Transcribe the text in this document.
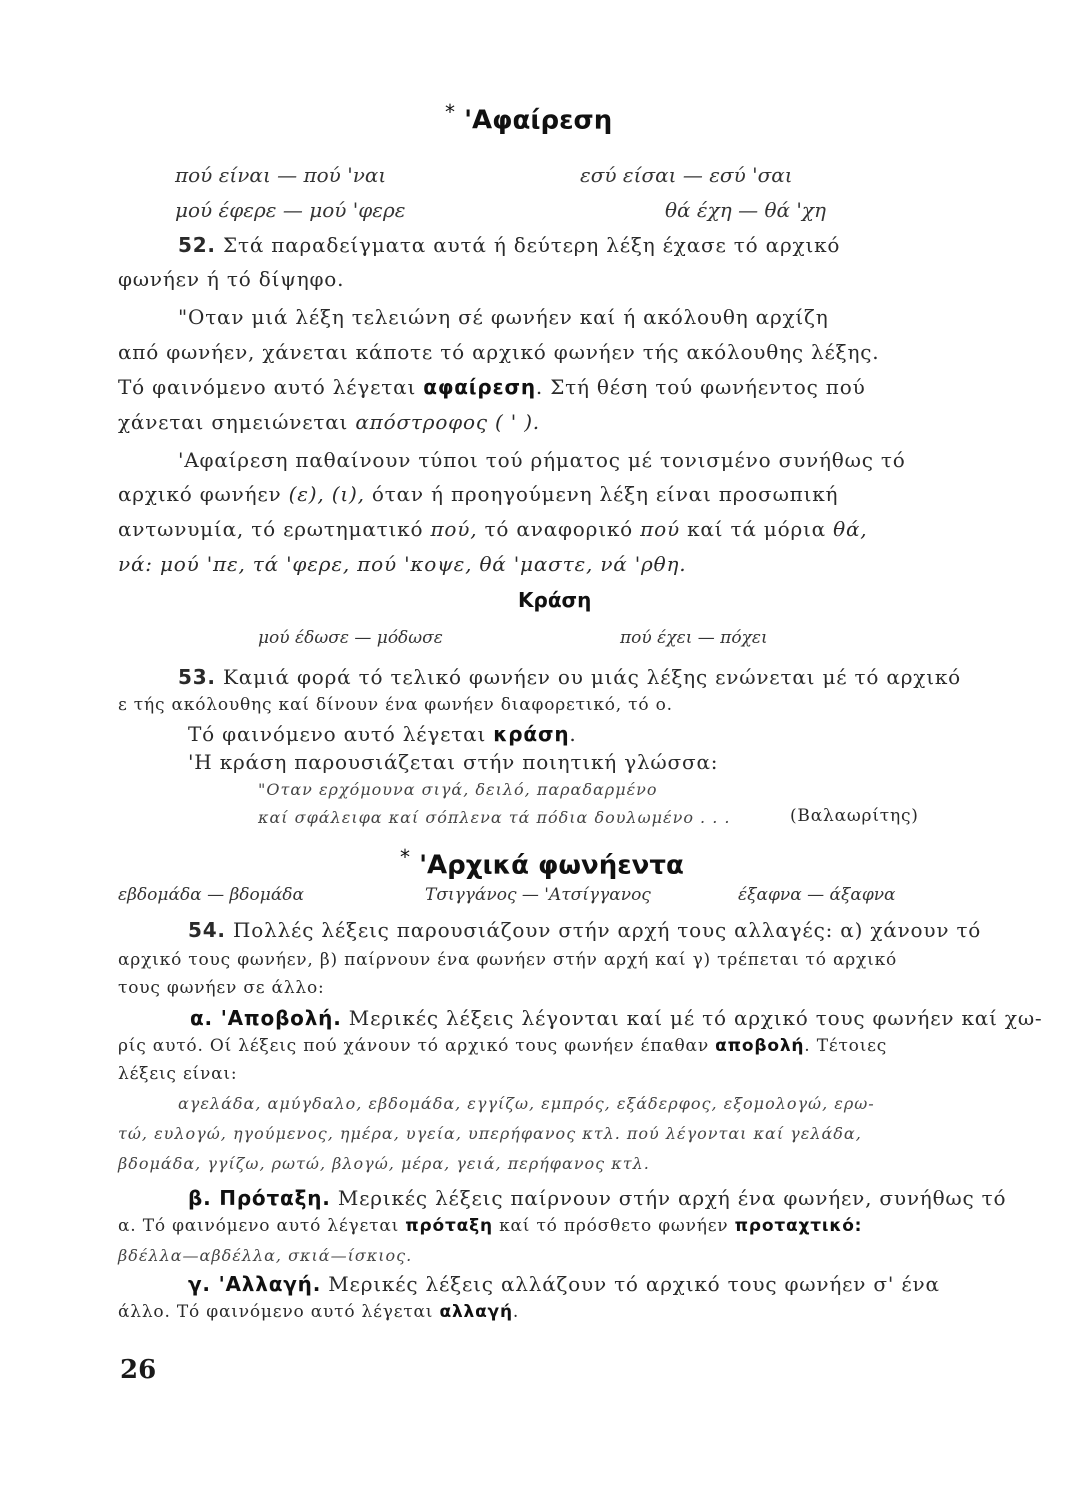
* 'Αφαίρεση
πού είναι — πού 'ναι	εσύ είσαι — εσύ 'σαι
μού έφερε — μού 'φερε	θά έχη — θά 'χη
52. Στά παραδείγματα αυτά ή δεύτερη λέξη έχασε τό αρχικό
φωνήεν ή τό δίψηφο.
"Οταν μιά λέξη τελειώνη σέ φωνήεν καί ή ακόλουθη αρχίζη
από φωνήεν, χάνεται κάποτε τό αρχικό φωνήεν τής ακόλουθης λέξης.
Τό φαινόμενο αυτό λέγεται αφαίρεση. Στή θέση τού φωνήεντος πού
χάνεται σημειώνεται απόστροφος ( ' ).
'Αφαίρεση παθαίνουν τύποι τού ρήματος μέ τονισμένο συνήθως τό
αρχικό φωνήεν (ε), (ι), όταν ή προηγούμενη λέξη είναι προσωπική
αντωνυμία, τό ερωτηματικό πού, τό αναφορικό πού καί τά μόρια θά,
νά: μού 'πε, τά 'φερε, πού 'κοψε, θά 'μαστε, νά 'ρθη.
Κράση
μού έδωσε — μόδωσε	πού έχει — πόχει
53. Καμιά φορά τό τελικό φωνήεν ου μιάς λέξης ενώνεται μέ τό αρχικό
ε τής ακόλουθης καί δίνουν ένα φωνήεν διαφορετικό, τό ο.
Τό φαινόμενο αυτό λέγεται κράση.
'Η κράση παρουσιάζεται στήν ποιητική γλώσσα:
"Οταν ερχόμουνα σιγά, δειλό, παραδαρμένο
καί σφάλειφα καί σόπλενα τά πόδια δουλωμένο . . .	(Βαλαωρίτης)
* 'Αρχικά φωνήεντα
εβδομάδα — βδομάδα	Τσιγγάνος — 'Ατσίγγανος	έξαφνα — άξαφνα
54. Πολλές λέξεις παρουσιάζουν στήν αρχή τους αλλαγές: α) χάνουν τό
αρχικό τους φωνήεν, β) παίρνουν ένα φωνήεν στήν αρχή καί γ) τρέπεται τό αρχικό
τους φωνήεν σε άλλο:
α. 'Αποβολή. Μερικές λέξεις λέγονται καί μέ τό αρχικό τους φωνήεν καί χω-
ρίς αυτό. Οί λέξεις πού χάνουν τό αρχικό τους φωνήεν έπαθαν αποβολή. Τέτοιες
λέξεις είναι:
αγελάδα, αμύγδαλο, εβδομάδα, εγγίζω, εμπρός, εξάδερφος, εξομολογώ, ερω-
τώ, ευλογώ, ηγούμενος, ημέρα, υγεία, υπερήφανος κτλ. πού λέγονται καί γελάδα,
βδομάδα, γγίζω, ρωτώ, βλογώ, μέρα, γειά, περήφανος κτλ.
β. Πρόταξη. Μερικές λέξεις παίρνουν στήν αρχή ένα φωνήεν, συνήθως τό
α. Τό φαινόμενο αυτό λέγεται πρόταξη καί τό πρόσθετο φωνήεν προταχτικό:
βδέλλα—αβδέλλα, σκιά—ίσκιος.
γ. 'Αλλαγή. Μερικές λέξεις αλλάζουν τό αρχικό τους φωνήεν σ' ένα
άλλο. Τό φαινόμενο αυτό λέγεται αλλαγή.
26
